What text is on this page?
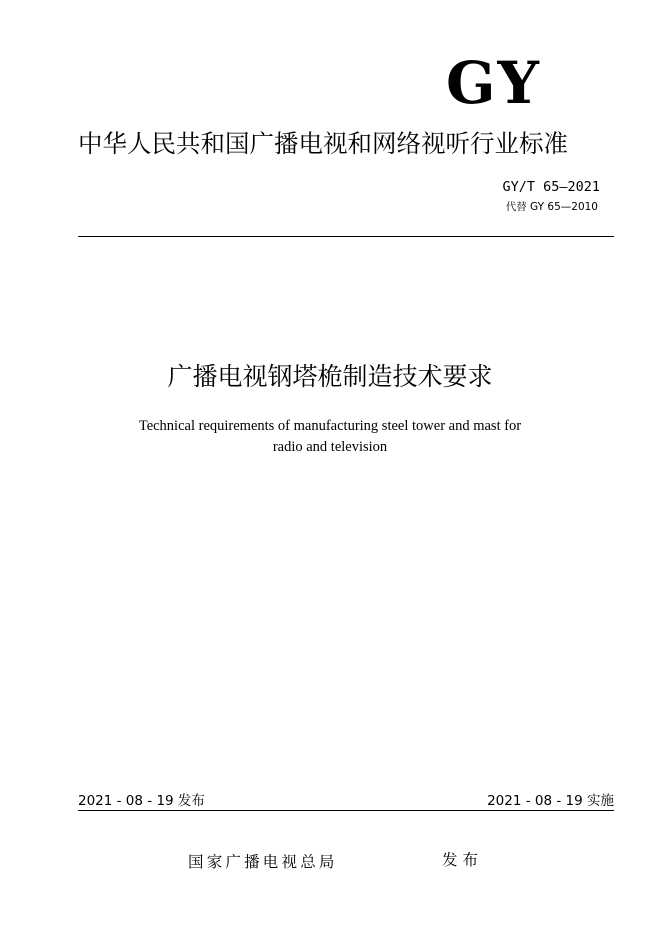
GY
中华人民共和国广播电视和网络视听行业标准
GY/T 65—2021
代替 GY 65—2010
广播电视钢塔桅制造技术要求
Technical requirements of manufacturing steel tower and mast for
radio and television
2021 - 08 - 19 发布	2021 - 08 - 19 实施
国家广播电视总局	发布
